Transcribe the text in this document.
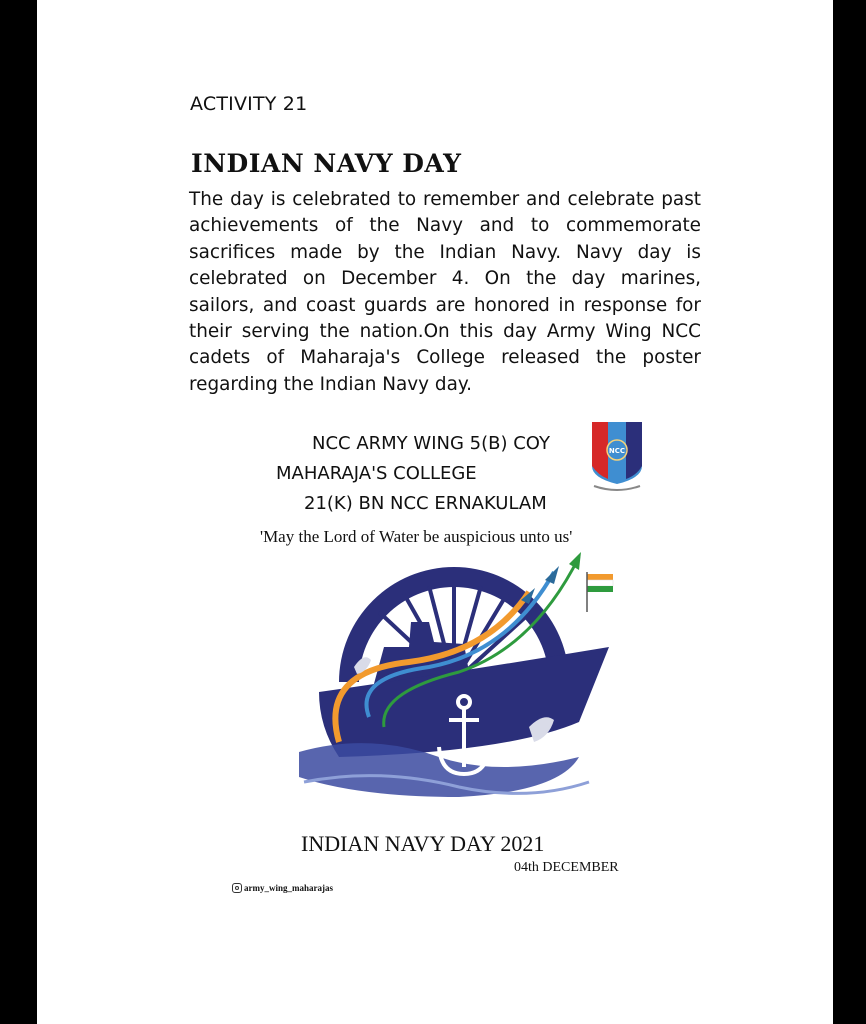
ACTIVITY 21
INDIAN NAVY DAY

The day is celebrated to remember and celebrate past achievements of the Navy and to commemorate sacrifices made by the Indian Navy. Navy day is celebrated on December 4. On the day marines, sailors, and coast guards are honored in response for their serving the nation.On this day Army Wing NCC cadets of Maharaja's College released the poster regarding the Indian Navy day.

NCC ARMY WING 5(B) COY
MAHARAJA'S COLLEGE
21(K) BN NCC ERNAKULAM
NCC
'May the Lord of Water be auspicious unto us'
INDIAN NAVY DAY 2021
04th DECEMBER
army_wing_maharajas
